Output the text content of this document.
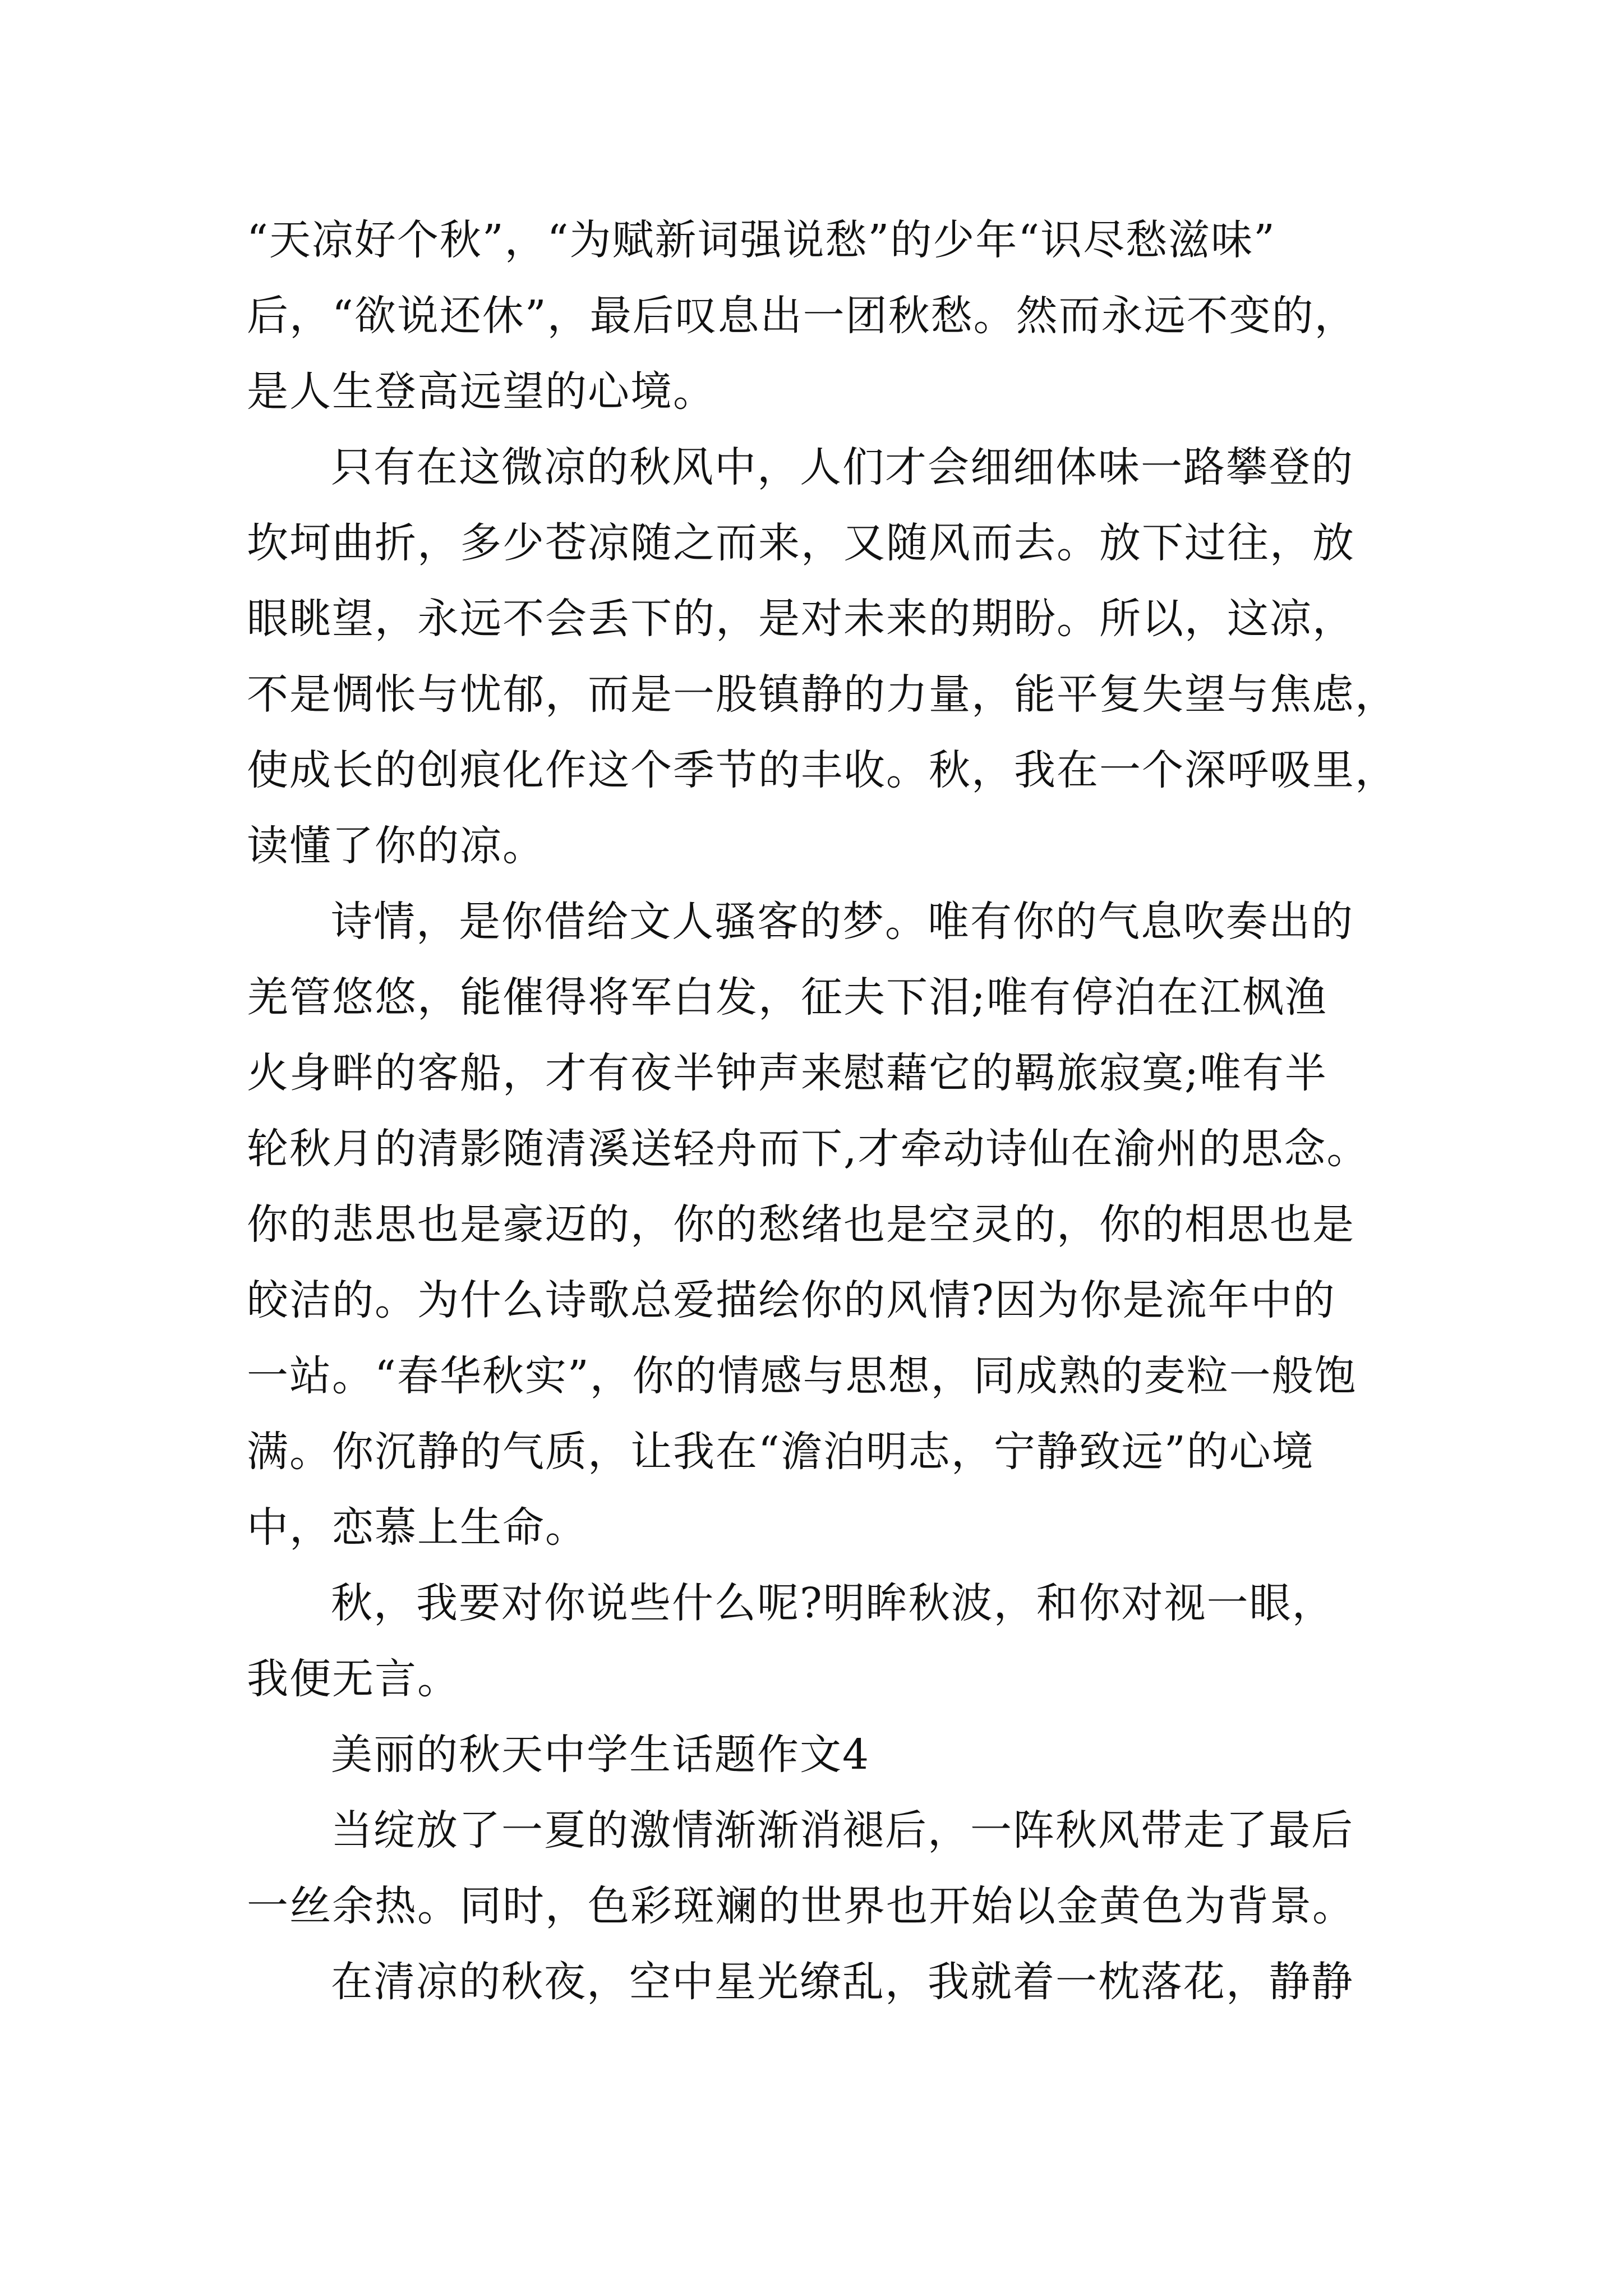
“天凉好个秋”，“为赋新词强说愁”的少年“识尽愁滋味”
后，“欲说还休”，最后叹息出一团秋愁。然而永远不变的，
是人生登高远望的心境。
只有在这微凉的秋风中，人们才会细细体味一路攀登的
坎坷曲折，多少苍凉随之而来，又随风而去。放下过往，放
眼眺望，永远不会丢下的，是对未来的期盼。所以，这凉，
不是惆怅与忧郁，而是一股镇静的力量，能平复失望与焦虑，
使成长的创痕化作这个季节的丰收。秋，我在一个深呼吸里，
读懂了你的凉。
诗情，是你借给文人骚客的梦。唯有你的气息吹奏出的
羌管悠悠，能催得将军白发，征夫下泪;唯有停泊在江枫渔
火身畔的客船，才有夜半钟声来慰藉它的羁旅寂寞;唯有半
轮秋月的清影随清溪送轻舟而下,才牵动诗仙在渝州的思念。
你的悲思也是豪迈的，你的愁绪也是空灵的，你的相思也是
皎洁的。为什么诗歌总爱描绘你的风情?因为你是流年中的
一站。“春华秋实”，你的情感与思想，同成熟的麦粒一般饱
满。你沉静的气质，让我在“澹泊明志，宁静致远”的心境
中，恋慕上生命。
秋，我要对你说些什么呢?明眸秋波，和你对视一眼，
我便无言。
美丽的秋天中学生话题作文4
当绽放了一夏的激情渐渐消褪后，一阵秋风带走了最后
一丝余热。同时，色彩斑斓的世界也开始以金黄色为背景。
在清凉的秋夜，空中星光缭乱，我就着一枕落花，静静
